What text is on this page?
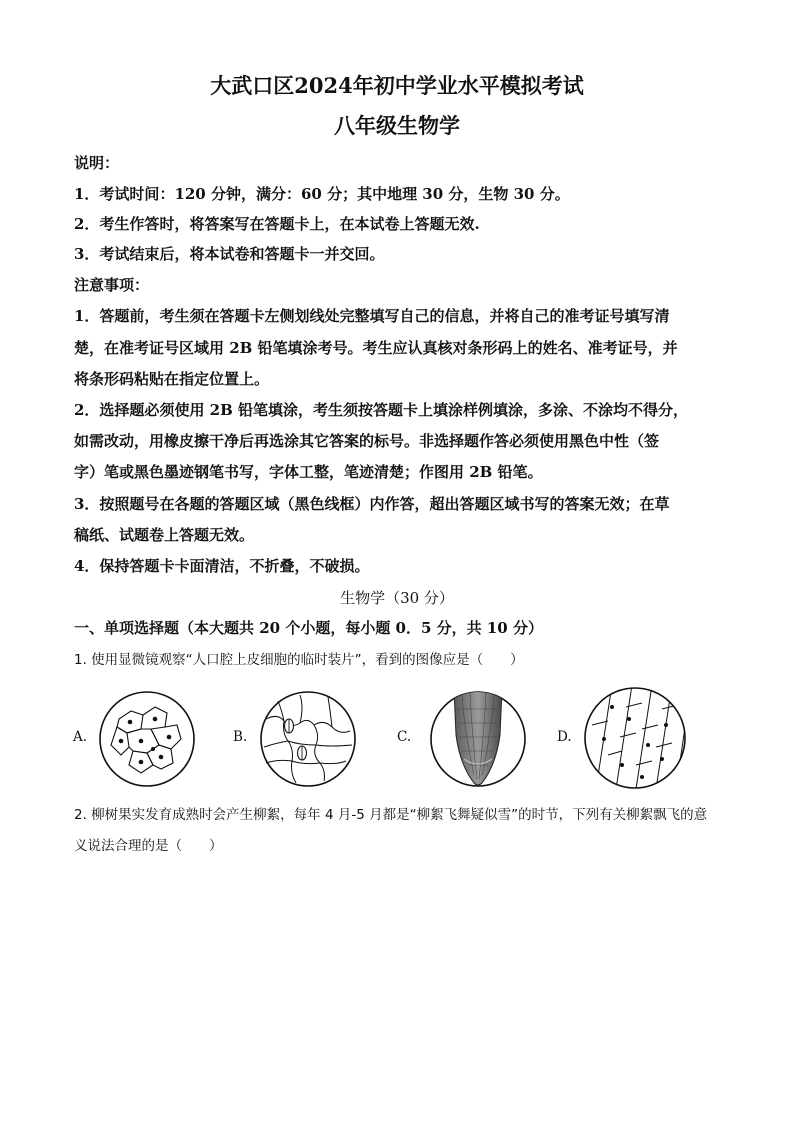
大武口区2024年初中学业水平模拟考试
八年级生物学
说明：
1．考试时间：120 分钟，满分：60 分；其中地理 30 分，生物 30 分。
2．考生作答时，将答案写在答题卡上，在本试卷上答题无效.
3．考试结束后，将本试卷和答题卡一并交回。
注意事项：
1．答题前，考生须在答题卡左侧划线处完整填写自己的信息，并将自己的准考证号填写清
楚，在准考证号区域用 2B 铅笔填涂考号。考生应认真核对条形码上的姓名、准考证号，并
将条形码粘贴在指定位置上。
2．选择题必须使用 2B 铅笔填涂，考生须按答题卡上填涂样例填涂，多涂、不涂均不得分，
如需改动，用橡皮擦干净后再选涂其它答案的标号。非选择题作答必须使用黑色中性（签
字）笔或黑色墨迹钢笔书写，字体工整，笔迹清楚；作图用 2B 铅笔。
3．按照题号在各题的答题区域（黑色线框）内作答，超出答题区域书写的答案无效；在草
稿纸、试题卷上答题无效。
4．保持答题卡卡面清洁，不折叠，不破损。
生物学（30 分）
一、单项选择题（本大题共 20 个小题，每小题 0．5 分，共 10 分）
1. 使用显微镜观察“人口腔上皮细胞的临时装片”，看到的图像应是（　　）
A.	B.	C.	D.
2. 柳树果实发育成熟时会产生柳絮，每年 4 月-5 月都是“柳絮飞舞疑似雪”的时节，下列有关柳絮飘飞的意
义说法合理的是（　　）
